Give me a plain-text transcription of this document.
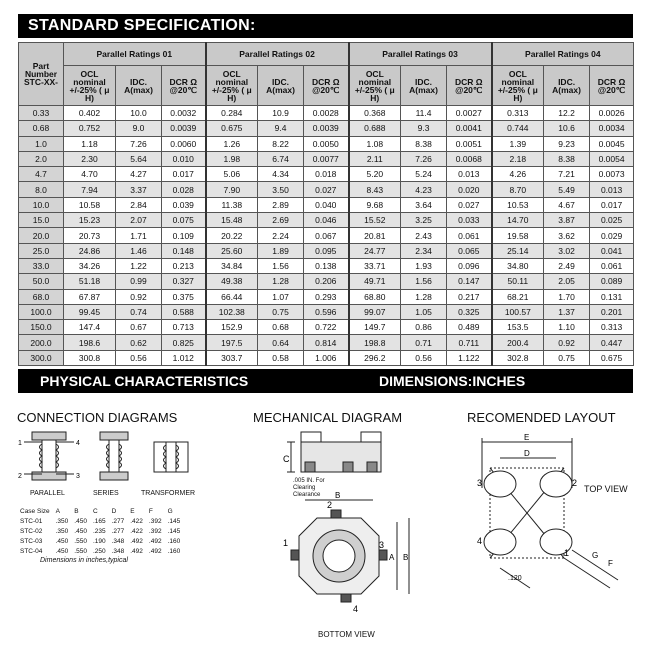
STANDARD SPECIFICATION:
Part Number STC-XX-	Parallel Ratings 01			Parallel Ratings 02			Parallel Ratings 03			Parallel Ratings 04		
	OCL nominal +/-25% ( μ H)	IDC. A(max)	DCR Ω @20℃	OCL nominal +/-25% ( μ H)	IDC. A(max)	DCR Ω @20℃	OCL nominal +/-25% ( μ H)	IDC. A(max)	DCR Ω @20℃	OCL nominal +/-25% ( μ H)	IDC. A(max)	DCR Ω @20℃
0.33	0.402	10.0	0.0032	0.284	10.9	0.0028	0.368	11.4	0.0027	0.313	12.2	0.0026
0.68	0.752	9.0	0.0039	0.675	9.4	0.0039	0.688	9.3	0.0041	0.744	10.6	0.0034
1.0	1.18	7.26	0.0060	1.26	8.22	0.0050	1.08	8.38	0.0051	1.39	9.23	0.0045
2.0	2.30	5.64	0.010	1.98	6.74	0.0077	2.11	7.26	0.0068	2.18	8.38	0.0054
4.7	4.70	4.27	0.017	5.06	4.34	0.018	5.20	5.24	0.013	4.26	7.21	0.0073
8.0	7.94	3.37	0.028	7.90	3.50	0.027	8.43	4.23	0.020	8.70	5.49	0.013
10.0	10.58	2.84	0.039	11.38	2.89	0.040	9.68	3.64	0.027	10.53	4.67	0.017
15.0	15.23	2.07	0.075	15.48	2.69	0.046	15.52	3.25	0.033	14.70	3.87	0.025
20.0	20.73	1.71	0.109	20.22	2.24	0.067	20.81	2.43	0.061	19.58	3.62	0.029
25.0	24.86	1.46	0.148	25.60	1.89	0.095	24.77	2.34	0.065	25.14	3.02	0.041
33.0	34.26	1.22	0.213	34.84	1.56	0.138	33.71	1.93	0.096	34.80	2.49	0.061
50.0	51.18	0.99	0.327	49.38	1.28	0.206	49.71	1.56	0.147	50.11	2.05	0.089
68.0	67.87	0.92	0.375	66.44	1.07	0.293	68.80	1.28	0.217	68.21	1.70	0.131
100.0	99.45	0.74	0.588	102.38	0.75	0.596	99.07	1.05	0.325	100.57	1.37	0.201
150.0	147.4	0.67	0.713	152.9	0.68	0.722	149.7	0.86	0.489	153.5	1.10	0.313
200.0	198.6	0.62	0.825	197.5	0.64	0.814	198.8	0.71	0.711	200.4	0.92	0.447
300.0	300.8	0.56	1.012	303.7	0.58	1.006	296.2	0.56	1.122	302.8	0.75	0.675
PHYSICAL CHARACTERISTICS	DIMENSIONS:INCHES
CONNECTION DIAGRAMS	MECHANICAL DIAGRAM	RECOMENDED LAYOUT
1	4
2	3
PARALLEL	SERIES	TRANSFORMER
Case Size	A	B	C	D	E	F	G
STC-01	.350	.450	.165	.277	.422	.392	.145
STC-02	.350	.450	.235	.277	.422	.392	.145
STC-03	.450	.550	.190	.348	.492	.492	.160
STC-04	.450	.550	.250	.348	.492	.492	.160
Dimensions in inches,typical
C
B
A B
2
1	3
4
.005 IN. For Clearing Clearance
BOTTOM VIEW
E
D
F
G
.120
3	2
4
1
TOP VIEW
